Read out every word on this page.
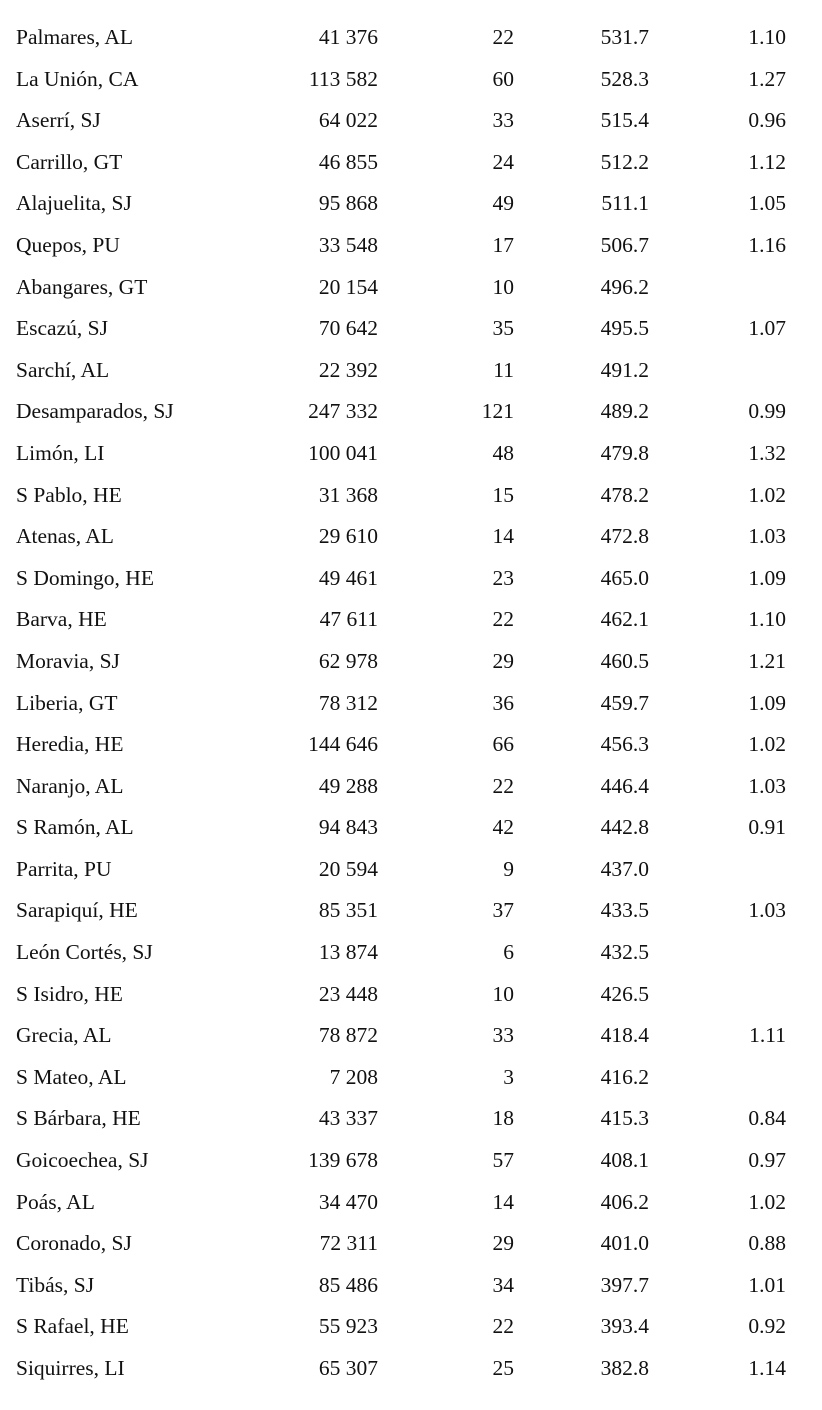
Palmares, AL	41 376	22	531.7	1.10
La Unión, CA	113 582	60	528.3	1.27
Aserrí, SJ	64 022	33	515.4	0.96
Carrillo, GT	46 855	24	512.2	1.12
Alajuelita, SJ	95 868	49	511.1	1.05
Quepos, PU	33 548	17	506.7	1.16
Abangares, GT	20 154	10	496.2
Escazú, SJ	70 642	35	495.5	1.07
Sarchí, AL	22 392	11	491.2
Desamparados, SJ	247 332	121	489.2	0.99
Limón, LI	100 041	48	479.8	1.32
S Pablo, HE	31 368	15	478.2	1.02
Atenas, AL	29 610	14	472.8	1.03
S Domingo, HE	49 461	23	465.0	1.09
Barva, HE	47 611	22	462.1	1.10
Moravia, SJ	62 978	29	460.5	1.21
Liberia, GT	78 312	36	459.7	1.09
Heredia, HE	144 646	66	456.3	1.02
Naranjo, AL	49 288	22	446.4	1.03
S Ramón, AL	94 843	42	442.8	0.91
Parrita, PU	20 594	9	437.0
Sarapiquí, HE	85 351	37	433.5	1.03
León Cortés, SJ	13 874	6	432.5
S Isidro, HE	23 448	10	426.5
Grecia, AL	78 872	33	418.4	1.11
S Mateo, AL	7 208	3	416.2
S Bárbara, HE	43 337	18	415.3	0.84
Goicoechea, SJ	139 678	57	408.1	0.97
Poás, AL	34 470	14	406.2	1.02
Coronado, SJ	72 311	29	401.0	0.88
Tibás, SJ	85 486	34	397.7	1.01
S Rafael, HE	55 923	22	393.4	0.92
Siquirres, LI	65 307	25	382.8	1.14
